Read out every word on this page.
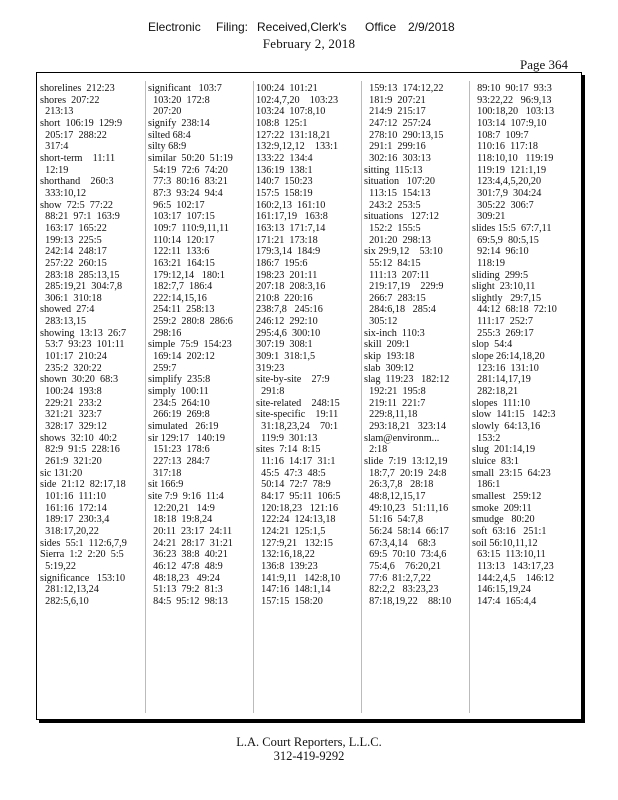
Electronic

Filing:

Received,Clerk's

Office

2/9/2018

February 2, 2018
Page 364
shorelines  212:23
shores  207:22
213:13
short  106:19  129:9
205:17  288:22
317:4
short-term    11:11
12:19
shorthand    260:3
333:10,12
show  72:5  77:22
88:21  97:1  163:9
163:17  165:22
199:13  225:5
242:14  248:17
257:22  260:15
283:18  285:13,15
285:19,21  304:7,8
306:1  310:18
showed  27:4
283:13,15
showing  13:13  26:7
53:7  93:23  101:11
101:17  210:24
235:2  320:22
shown  30:20  68:3
100:24  193:8
229:21  233:2
321:21  323:7
328:17  329:12
shows  32:10  40:2
82:9  91:5  228:16
261:9  321:20
sic 131:20
side  21:12  82:17,18
101:16  111:10
161:16  172:14
189:17  230:3,4
318:17,20,22
sides  55:1  112:6,7,9
Sierra  1:2  2:20  5:5
5:19,22
significance   153:10
281:12,13,24
282:5,6,10
significant   103:7
103:20  172:8
207:20
signify  238:14
silted 68:4
silty 68:9
similar  50:20  51:19
54:19  72:6  74:20
77:3  80:16  83:21
87:3  93:24  94:4
96:5  102:17
103:17  107:15
109:7  110:9,11,11
110:14  120:17
122:11  133:6
163:21  164:15
179:12,14   180:1
182:7,7  186:4
222:14,15,16
254:11  258:13
259:2  280:8  286:6
298:16
simple  75:9  154:23
169:14  202:12
259:7
simplify  235:8
simply  100:11
234:5  264:10
266:19  269:8
simulated   26:19
sir 129:17   140:19
151:23  178:6
227:13  284:7
317:18
sit 166:9
site 7:9  9:16  11:4
12:20,21   14:9
18:18  19:8,24
20:11  23:17  24:11
24:21  28:17  31:21
36:23  38:8  40:21
46:12  47:8  48:9
48:18,23   49:24
51:13  79:2  81:3
84:5  95:12  98:13
100:24  101:21
102:4,7,20    103:23
103:24  107:8,10
108:8  125:1
127:22  131:18,21
132:9,12,12    133:1
133:22  134:4
136:19  138:1
140:7  150:23
157:5  158:19
160:2,13  161:10
161:17,19   163:8
163:13  171:7,14
171:21  173:18
179:3,14  184:9
186:7  195:6
198:23  201:11
207:18  208:3,16
210:8  220:16
238:7,8   245:16
246:12  292:10
295:4,6  300:10
307:19  308:1
309:1  318:1,5
319:23
site-by-site    27:9
291:8
site-related    248:15
site-specific    19:11
31:18,23,24    70:1
119:9  301:13
sites  7:14  8:15
11:16  14:17  31:1
45:5  47:3  48:5
50:14  72:7  78:9
84:17  95:11  106:5
120:18,23   121:16
122:24  124:13,18
124:21  125:1,5
127:9,21   132:15
132:16,18,22
136:8  139:23
141:9,11   142:8,10
147:16  148:1,14
157:15  158:20
159:13  174:12,22
181:9  207:21
214:9  215:17
247:12  257:24
278:10  290:13,15
291:1  299:16
302:16  303:13
sitting  115:13
situation   107:20
113:15  154:13
243:2  253:5
situations   127:12
152:2  155:5
201:20  298:13
six 29:9,12    53:10
55:12  84:15
111:13  207:11
219:17,19    229:9
266:7  283:15
284:6,18   285:4
305:12
six-inch  110:3
skill  209:1
skip  193:18
slab  309:12
slag  119:23   182:12
192:21  195:8
219:11  221:7
229:8,11,18
293:18,21   323:14
slam@environm...
2:18
slide  7:19  13:12,19
18:7,7  20:19  24:8
26:3,7,8   28:18
48:8,12,15,17
49:10,23   51:11,16
51:16  54:7,8
56:24  58:14  66:17
67:3,4,14    68:3
69:5  70:10  73:4,6
75:4,6    76:20,21
77:6  81:2,7,22
82:2,2   83:23,23
87:18,19,22    88:10
89:10  90:17  93:3
93:22,22   96:9,13
100:18,20   103:13
103:14  107:9,10
108:7  109:7
110:16  117:18
118:10,10   119:19
119:19  121:1,19
123:4,4,5,20,20
301:7,9  304:24
305:22  306:7
309:21
slides 15:5  67:7,11
69:5,9  80:5,15
92:14  96:10
118:19
sliding  299:5
slight  23:10,11
slightly   29:7,15
44:12  68:18  72:10
111:17  252:7
255:3  269:17
slop  54:4
slope 26:14,18,20
123:16  131:10
281:14,17,19
282:18,21
slopes  111:10
slow  141:15   142:3
slowly  64:13,16
153:2
slug  201:14,19
sluice  83:1
small  23:15  64:23
186:1
smallest   259:12
smoke  209:11
smudge   80:20
soft  63:16   251:1
soil 56:10,11,12
63:15  113:10,11
113:13   143:17,23
144:2,4,5    146:12
146:15,19,24
147:4  165:4,4
L.A. Court Reporters, L.L.C.
312-419-9292
